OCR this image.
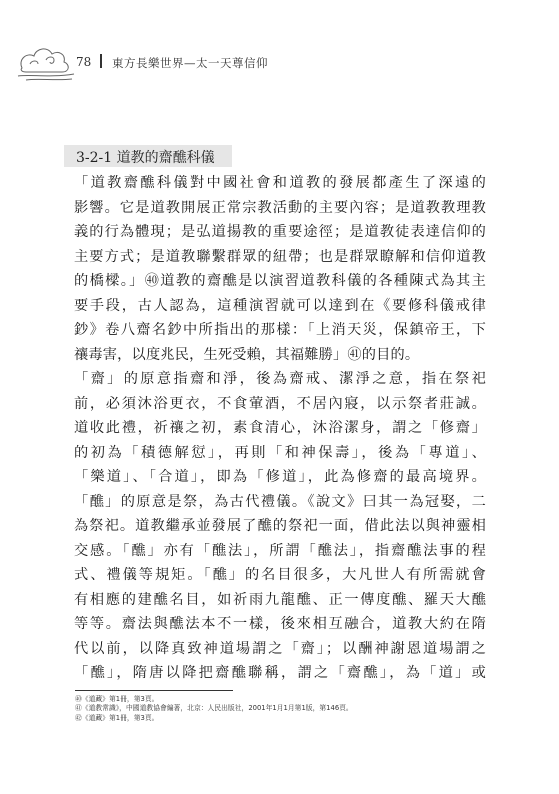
78 東方長樂世界—太一天尊信仰
3-2-1 道教的齋醮科儀
「道教齋醮科儀對中國社會和道教的發展都產生了深遠的
影響。它是道教開展正常宗教活動的主要內容；是道教教理教
義的行為體現；是弘道揚教的重要途徑；是道教徒表達信仰的
主要方式；是道教聯繫群眾的紐帶；也是群眾瞭解和信仰道教
的橋樑。」㊵道教的齋醮是以演習道教科儀的各種陳式為其主
要手段，古人認為，這種演習就可以達到在《要修科儀戒律
鈔》卷八齋名鈔中所指出的那樣：「上消天災，保鎮帝王，下
禳毒害，以度兆民，生死受賴，其福難勝」㊶的目的。
「齋」的原意指齋和淨，後為齋戒、潔淨之意，指在祭祀
前，必須沐浴更衣，不食葷酒，不居內寢，以示祭者莊誠。
道收此禮，祈禳之初，素食清心，沐浴潔身，謂之「修齋」
的初為「積德解愆」，再則「和神保壽」，後為「專道」、
「樂道」、「合道」，即為「修道」，此為修齋的最高境界。
「醮」的原意是祭，為古代禮儀。《說文》曰其一為冠娶，二
為祭祀。道教繼承並發展了醮的祭祀一面，借此法以與神靈相
交感。「醮」亦有「醮法」，所謂「醮法」，指齋醮法事的程
式、禮儀等規矩。「醮」的名目很多，大凡世人有所需就會
有相應的建醮名目，如祈雨九龍醮、正一傳度醮、羅天大醮
等等。齋法與醮法本不一樣，後來相互融合，道教大約在隋
代以前，以降真致神道場謂之「齋」；以酬神謝恩道場謂之
「醮」，隋唐以降把齋醮聯稱，謂之「齋醮」，為「道」或
㊵《道藏》第1冊，第3頁。
㊶《道教常識》，中國道教協會編著，北京：人民出版社，2001年1月1月第1版，第146頁。
㊷《道藏》第1冊，第3頁。
